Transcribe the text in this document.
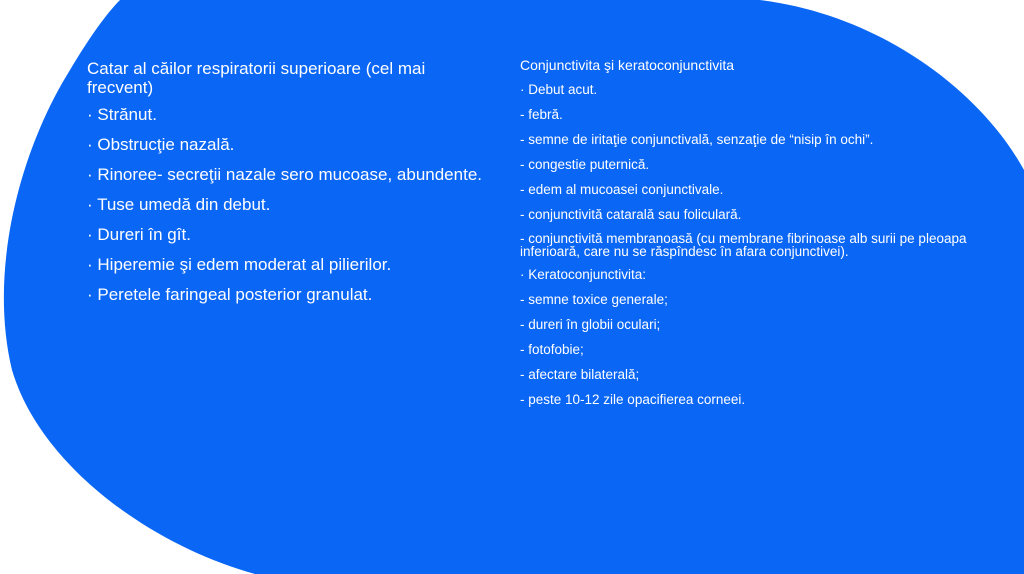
Catar al căilor respiratorii superioare (cel mai frecvent)
· Strănut.
· Obstrucţie nazală.
· Rinoree- secreţii nazale sero mucoase, abundente.
· Tuse umedă din debut.
· Dureri în gît.
· Hiperemie şi edem moderat al pilierilor.
· Peretele faringeal posterior granulat.
Conjunctivita şi keratoconjunctivita
· Debut acut.
- febră.
- semne de iritaţie conjunctivală, senzaţie de “nisip în ochi”.
- congestie puternică.
- edem al mucoasei conjunctivale.
- conjunctivită catarală sau foliculară.
- conjunctivită membranoasă (cu membrane fibrinoase alb surii pe pleoapa inferioară, care nu se răspîndesc în afara conjunctivei).
· Keratoconjunctivita:
- semne toxice generale;
- dureri în globii oculari;
- fotofobie;
- afectare bilaterală;
- peste 10-12 zile opacifierea corneei.
